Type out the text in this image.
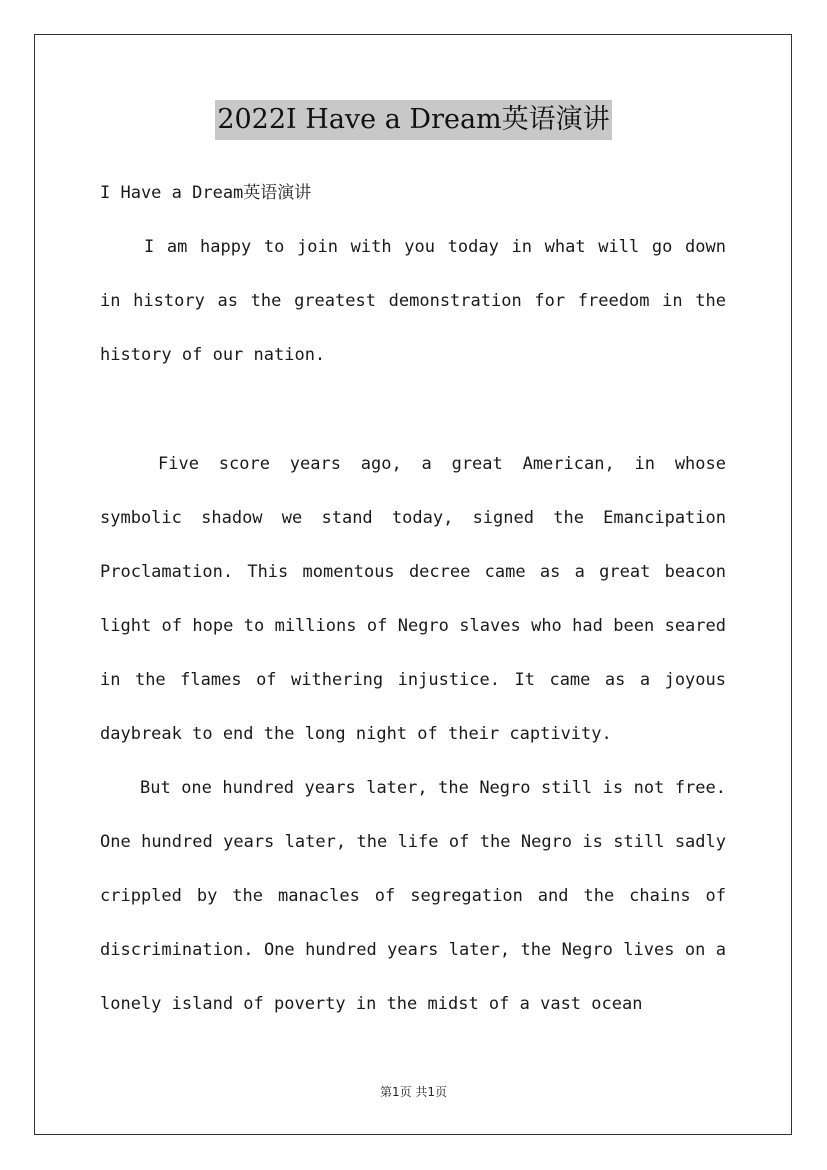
2022I Have a Dream英语演讲
I Have a Dream英语演讲

I am happy to join with you today in what will go down in history as the greatest demonstration for freedom in the history of our nation.

Five score years ago, a great American, in whose symbolic shadow we stand today, signed the Emancipation Proclamation. This momentous decree came as a great beacon light of hope to millions of Negro slaves who had been seared in the flames of withering injustice. It came as a joyous daybreak to end the long night of their captivity.

But one hundred years later, the Negro still is not free. One hundred years later, the life of the Negro is still sadly crippled by the manacles of segregation and the chains of discrimination. One hundred years later, the Negro lives on a lonely island of poverty in the midst of a vast ocean

第1页 共1页
